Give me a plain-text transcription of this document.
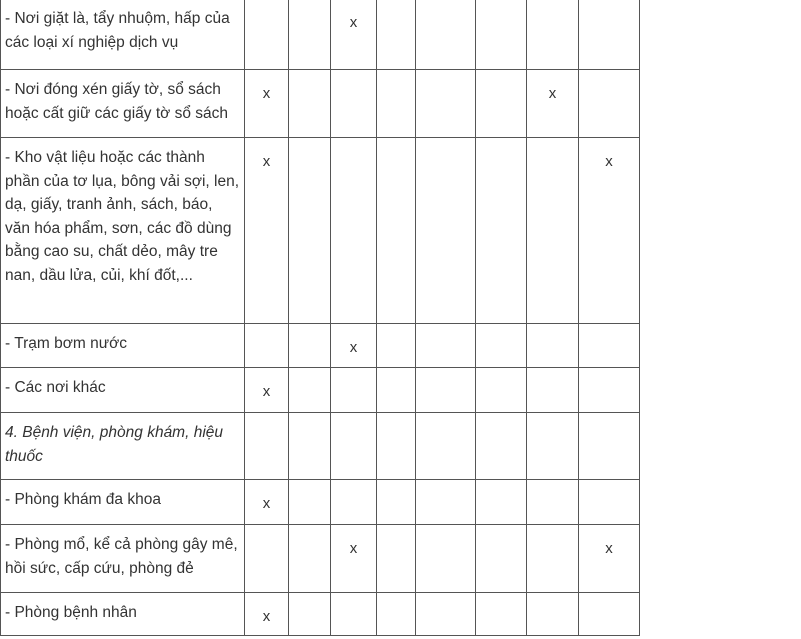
- Nơi giặt là, tẩy nhuộm, hấp của các loại xí nghiệp dịch vụ			x					
- Nơi đóng xén giấy tờ, sổ sách hoặc cất giữ các giấy tờ sổ sách	x						x	
- Kho vật liệu hoặc các thành phần của tơ lụa, bông vải sợi, len, dạ, giấy, tranh ảnh, sách, báo, văn hóa phẩm, sơn, các đồ dùng bằng cao su, chất dẻo, mây tre nan, dầu lửa, củi, khí đốt,...	x							x
- Trạm bơm nước			x					
- Các nơi khác	x							
4. Bệnh viện, phòng khám, hiệu thuốc								
- Phòng khám đa khoa	x							
- Phòng mổ, kể cả phòng gây mê, hồi sức, cấp cứu, phòng đẻ			x					x
- Phòng bệnh nhân	x							
